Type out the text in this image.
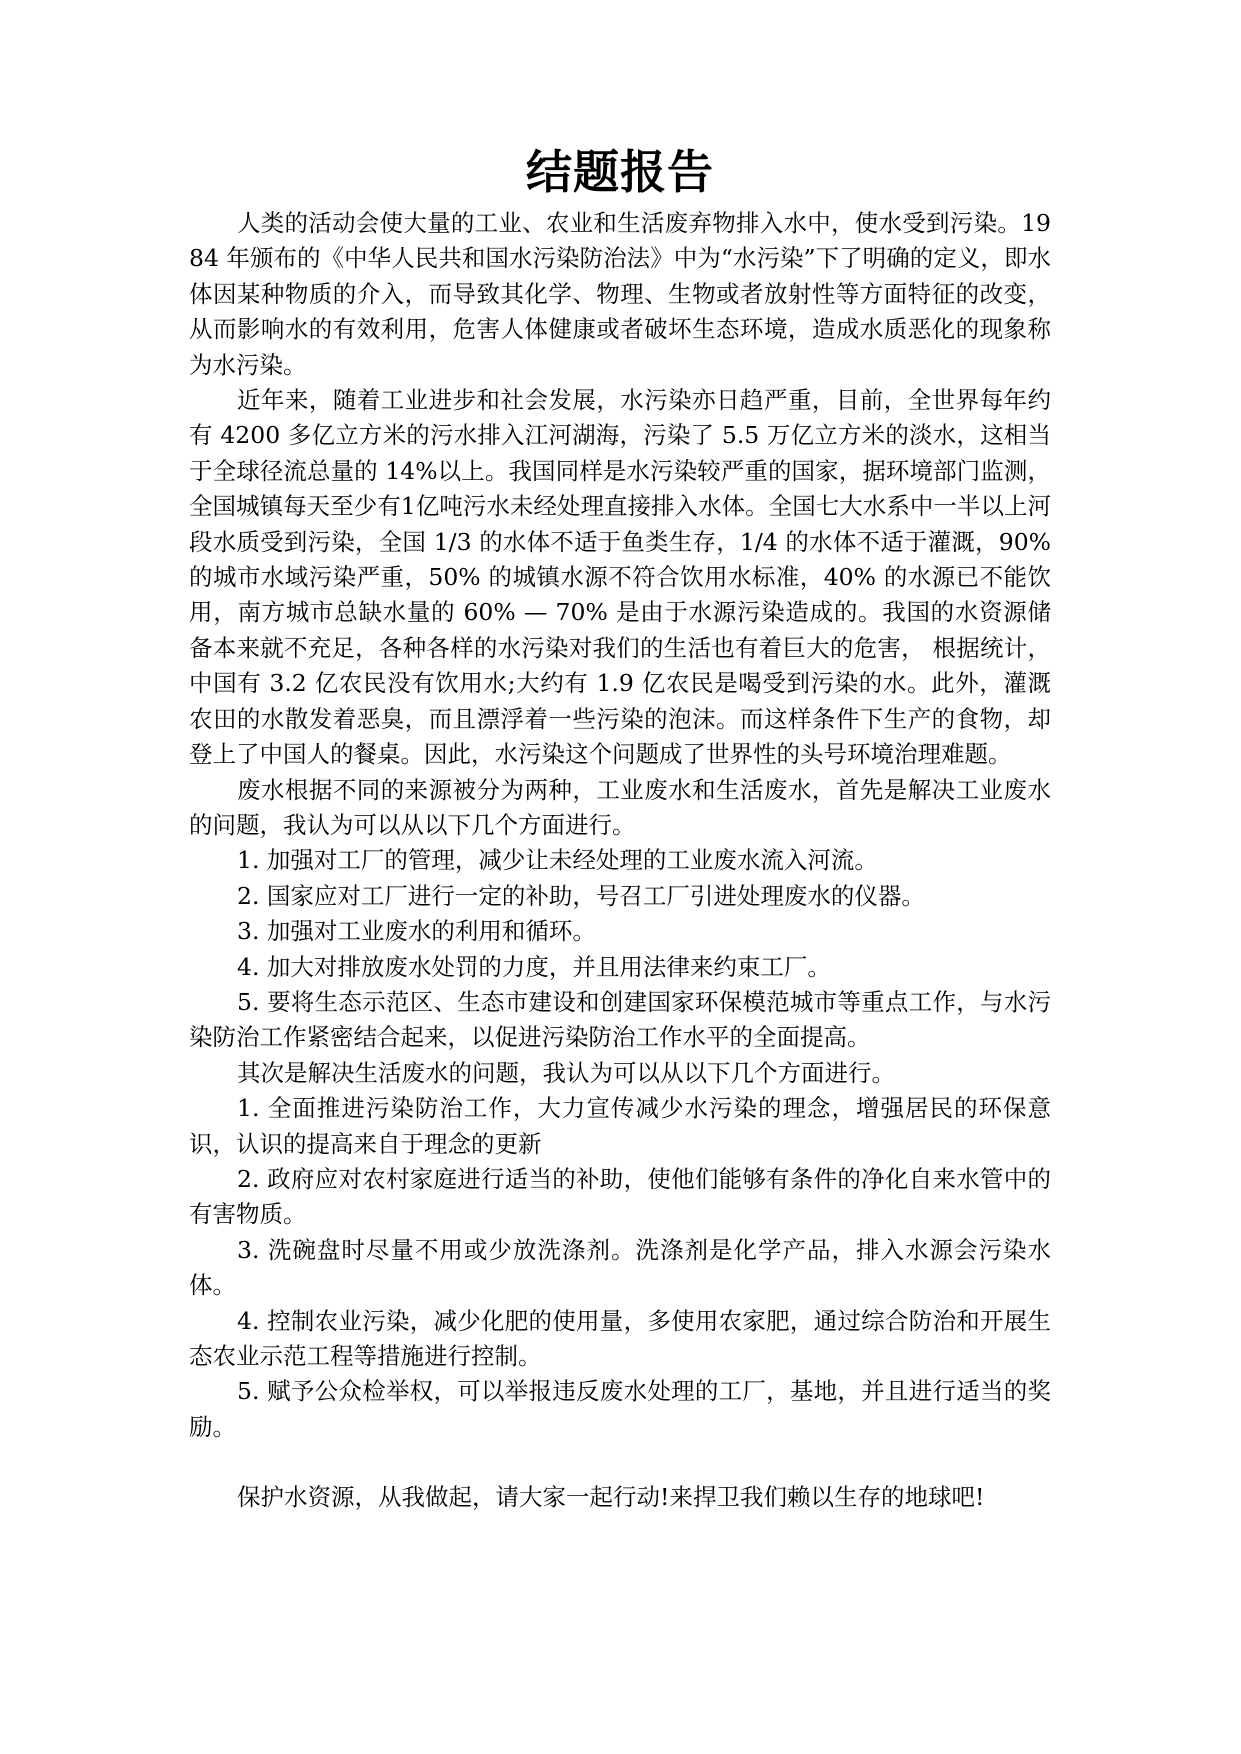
结题报告

人类的活动会使大量的工业、农业和生活废弃物排入水中，使水受到污染。1984 年颁布的《中华人民共和国水污染防治法》中为“水污染”下了明确的定义，即水体因某种物质的介入，而导致其化学、物理、生物或者放射性等方面特征的改变，从而影响水的有效利用，危害人体健康或者破坏生态环境，造成水质恶化的现象称为水污染。

近年来，随着工业进步和社会发展，水污染亦日趋严重，目前，全世界每年约有 4200 多亿立方米的污水排入江河湖海，污染了 5.5 万亿立方米的淡水，这相当于全球径流总量的 14%以上。我国同样是水污染较严重的国家，据环境部门监测，全国城镇每天至少有1亿吨污水未经处理直接排入水体。全国七大水系中一半以上河段水质受到污染，全国 1/3 的水体不适于鱼类生存，1/4 的水体不适于灌溉，90% 的城市水域污染严重，50% 的城镇水源不符合饮用水标准，40% 的水源已不能饮用，南方城市总缺水量的 60% — 70% 是由于水源污染造成的。我国的水资源储备本来就不充足，各种各样的水污染对我们的生活也有着巨大的危害， 根据统计，中国有 3.2 亿农民没有饮用水;大约有 1.9 亿农民是喝受到污染的水。此外，灌溉农田的水散发着恶臭，而且漂浮着一些污染的泡沫。而这样条件下生产的食物，却登上了中国人的餐桌。因此，水污染这个问题成了世界性的头号环境治理难题。

废水根据不同的来源被分为两种，工业废水和生活废水，首先是解决工业废水的问题，我认为可以从以下几个方面进行。

1. 加强对工厂的管理，减少让未经处理的工业废水流入河流。

2. 国家应对工厂进行一定的补助，号召工厂引进处理废水的仪器。

3. 加强对工业废水的利用和循环。

4. 加大对排放废水处罚的力度，并且用法律来约束工厂。

5. 要将生态示范区、生态市建设和创建国家环保模范城市等重点工作，与水污染防治工作紧密结合起来，以促进污染防治工作水平的全面提高。

其次是解决生活废水的问题，我认为可以从以下几个方面进行。

1. 全面推进污染防治工作，大力宣传减少水污染的理念，增强居民的环保意识，认识的提高来自于理念的更新

2. 政府应对农村家庭进行适当的补助，使他们能够有条件的净化自来水管中的有害物质。

3. 洗碗盘时尽量不用或少放洗涤剂。洗涤剂是化学产品，排入水源会污染水体。

4. 控制农业污染，减少化肥的使用量，多使用农家肥，通过综合防治和开展生态农业示范工程等措施进行控制。

5. 赋予公众检举权，可以举报违反废水处理的工厂，基地，并且进行适当的奖励。

保护水资源，从我做起，请大家一起行动!来捍卫我们赖以生存的地球吧!
